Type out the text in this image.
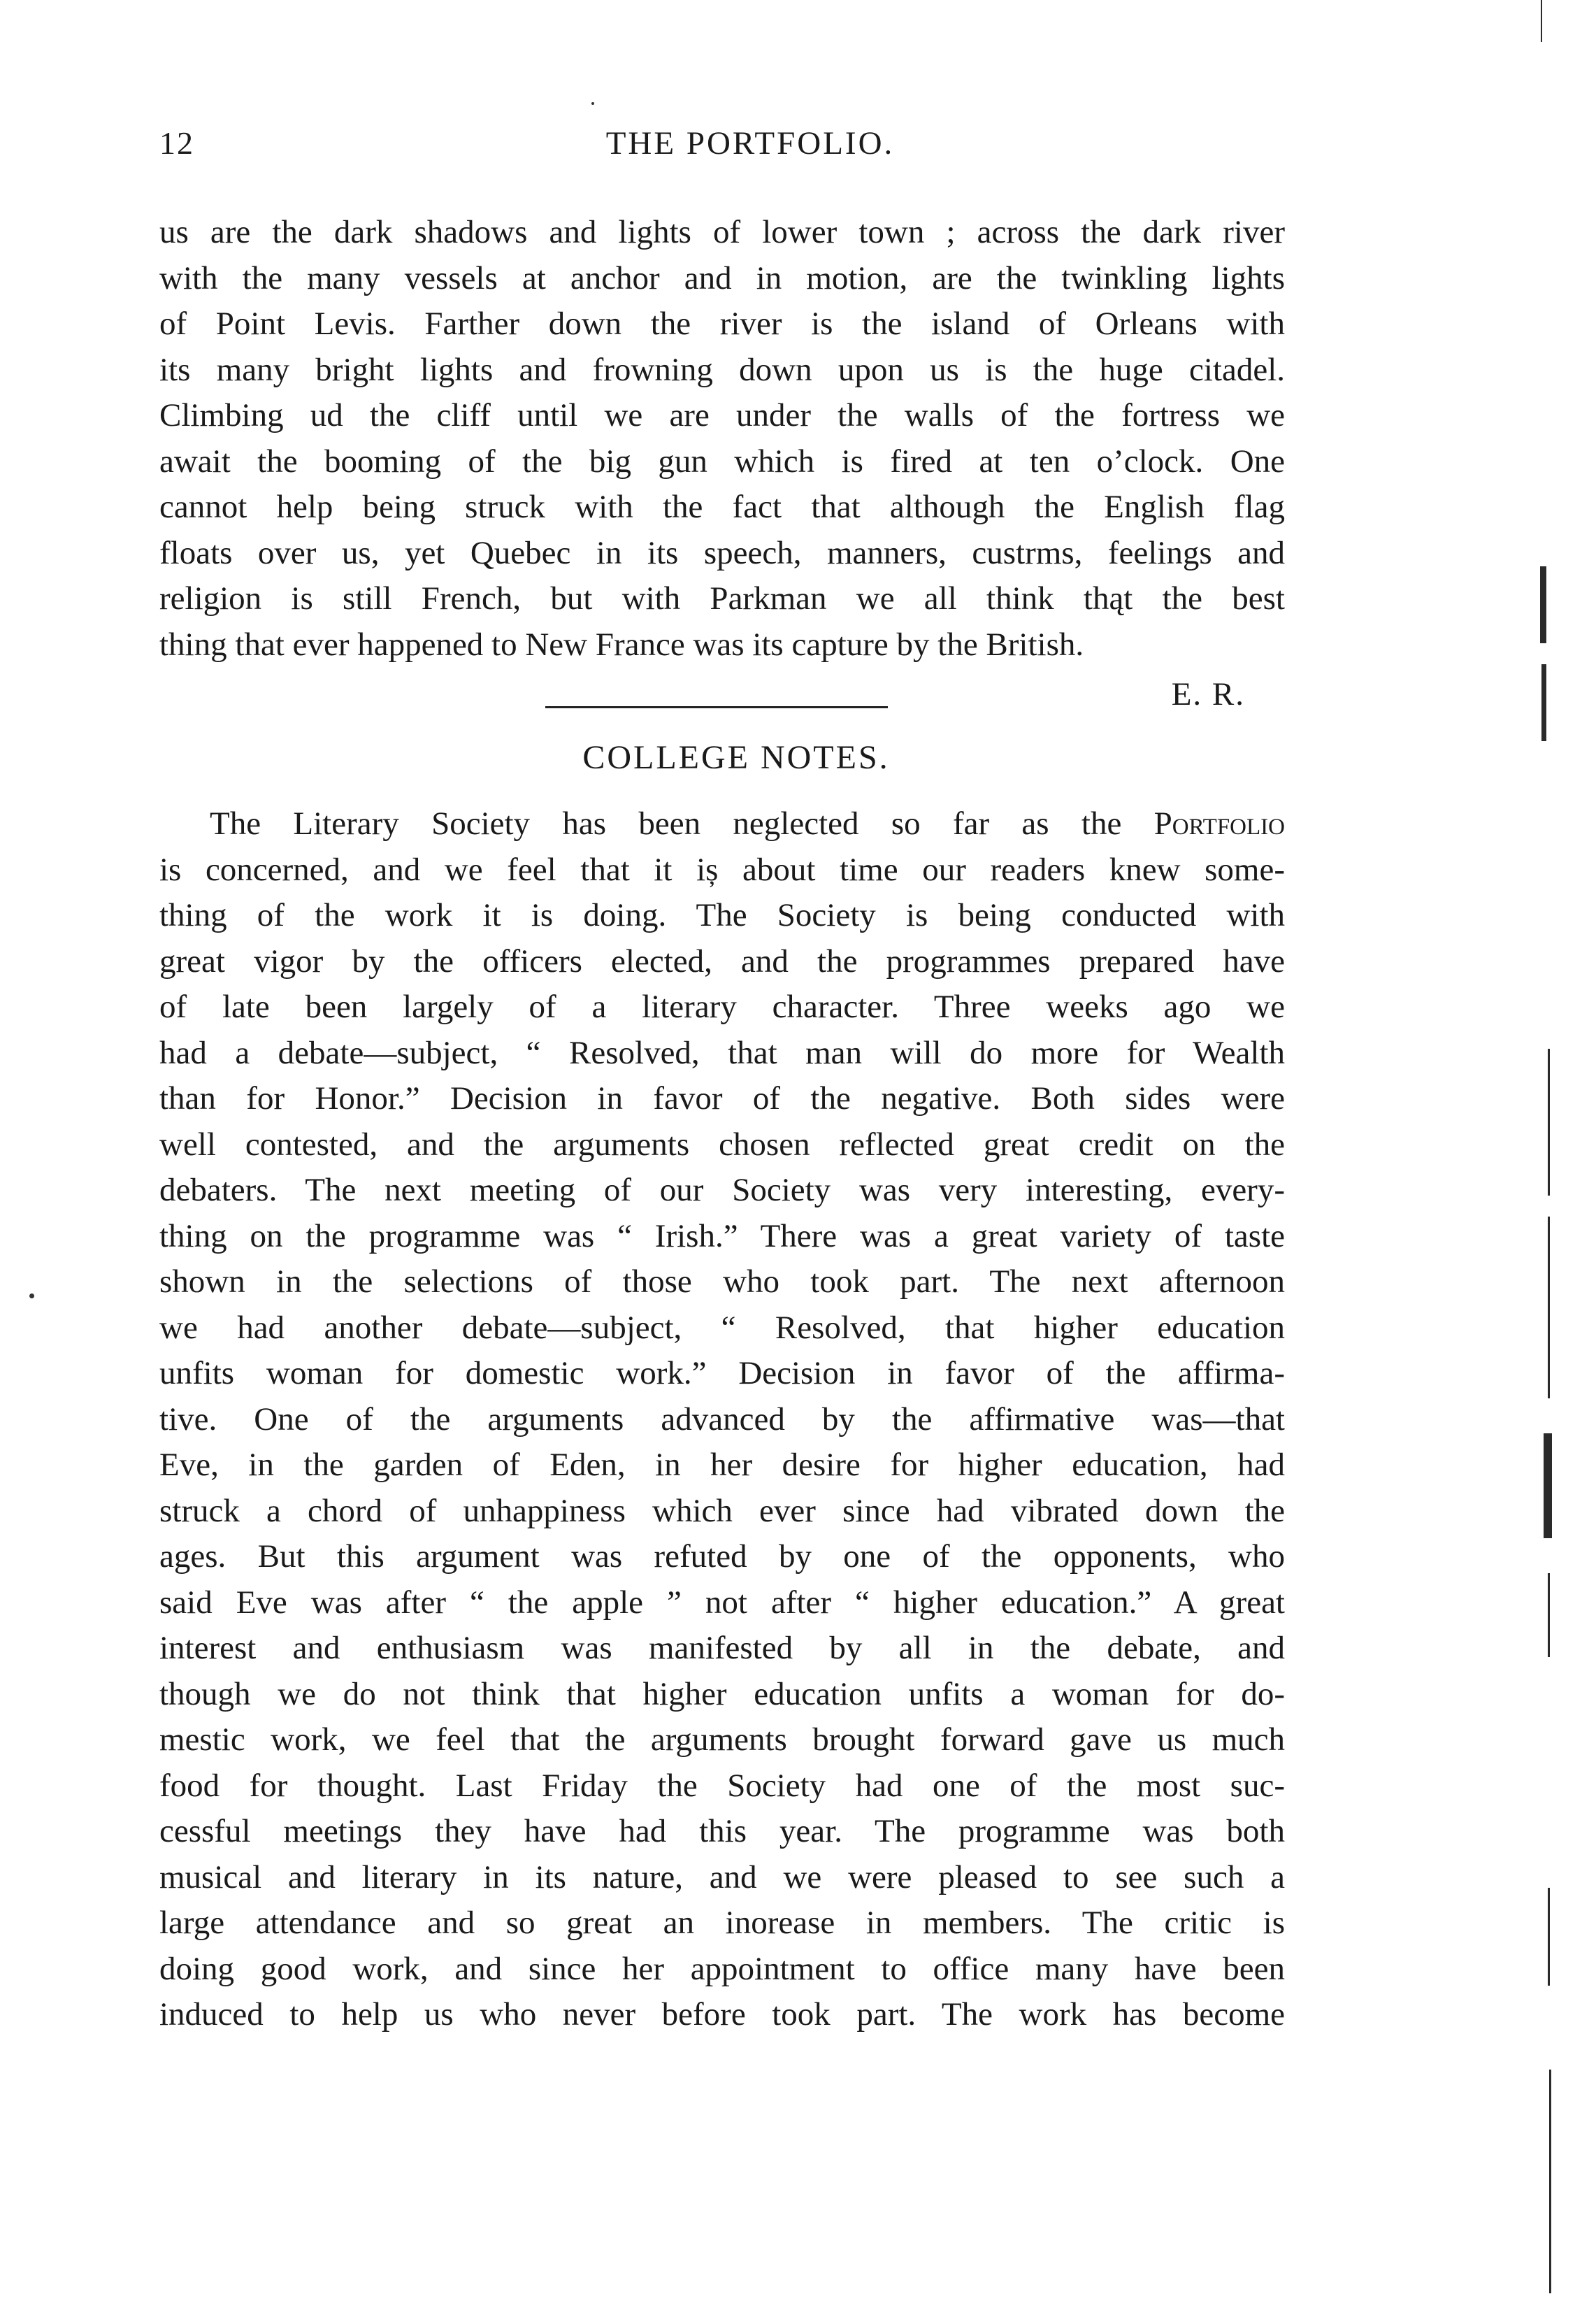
12	THE PORTFOLIO.
us are the dark shadows and lights of lower town ; across the dark river
with the many vessels at anchor and in motion, are the twinkling lights
of Point Levis. Farther down the river is the island of Orleans with
its many bright lights and frowning down upon us is the huge citadel.
Climbing ud the cliff until we are under the walls of the fortress we
await the booming of the big gun which is fired at ten o’clock. One
cannot help being struck with the fact that although the English flag
floats over us, yet Quebec in its speech, manners, custrms, feelings and
religion is still French, but with Parkman we all think thąt the best
thing that ever happened to New France was its capture by the British.
E. R.
COLLEGE NOTES.
The Literary Society has been neglected so far as the Portfolio
is concerned, and we feel that it iș about time our readers knew some-
thing of the work it is doing. The Society is being conducted with
great vigor by the officers elected, and the programmes prepared have
of late been largely of a literary character. Three weeks ago we
had a debate—subject, “ Resolved, that man will do more for Wealth
than for Honor.” Decision in favor of the negative. Both sides were
well contested, and the arguments chosen reflected great credit on the
debaters. The next meeting of our Society was very interesting, every-
thing on the programme was “ Irish.” There was a great variety of taste
shown in the selections of those who took part. The next afternoon
we had another debate—subject, “ Resolved, that higher education
unfits woman for domestic work.” Decision in favor of the affirma-
tive. One of the arguments advanced by the affirmative was—that
Eve, in the garden of Eden, in her desire for higher education, had
struck a chord of unhappiness which ever since had vibrated down the
ages. But this argument was refuted by one of the opponents, who
said Eve was after “ the apple ” not after “ higher education.” A great
interest and enthusiasm was manifested by all in the debate, and
though we do not think that higher education unfits a woman for do-
mestic work, we feel that the arguments brought forward gave us much
food for thought. Last Friday the Society had one of the most suc-
cessful meetings they have had this year. The programme was both
musical and literary in its nature, and we were pleased to see such a
large attendance and so great an inorease in members. The critic is
doing good work, and since her appointment to office many have been
induced to help us who never before took part. The work has become
